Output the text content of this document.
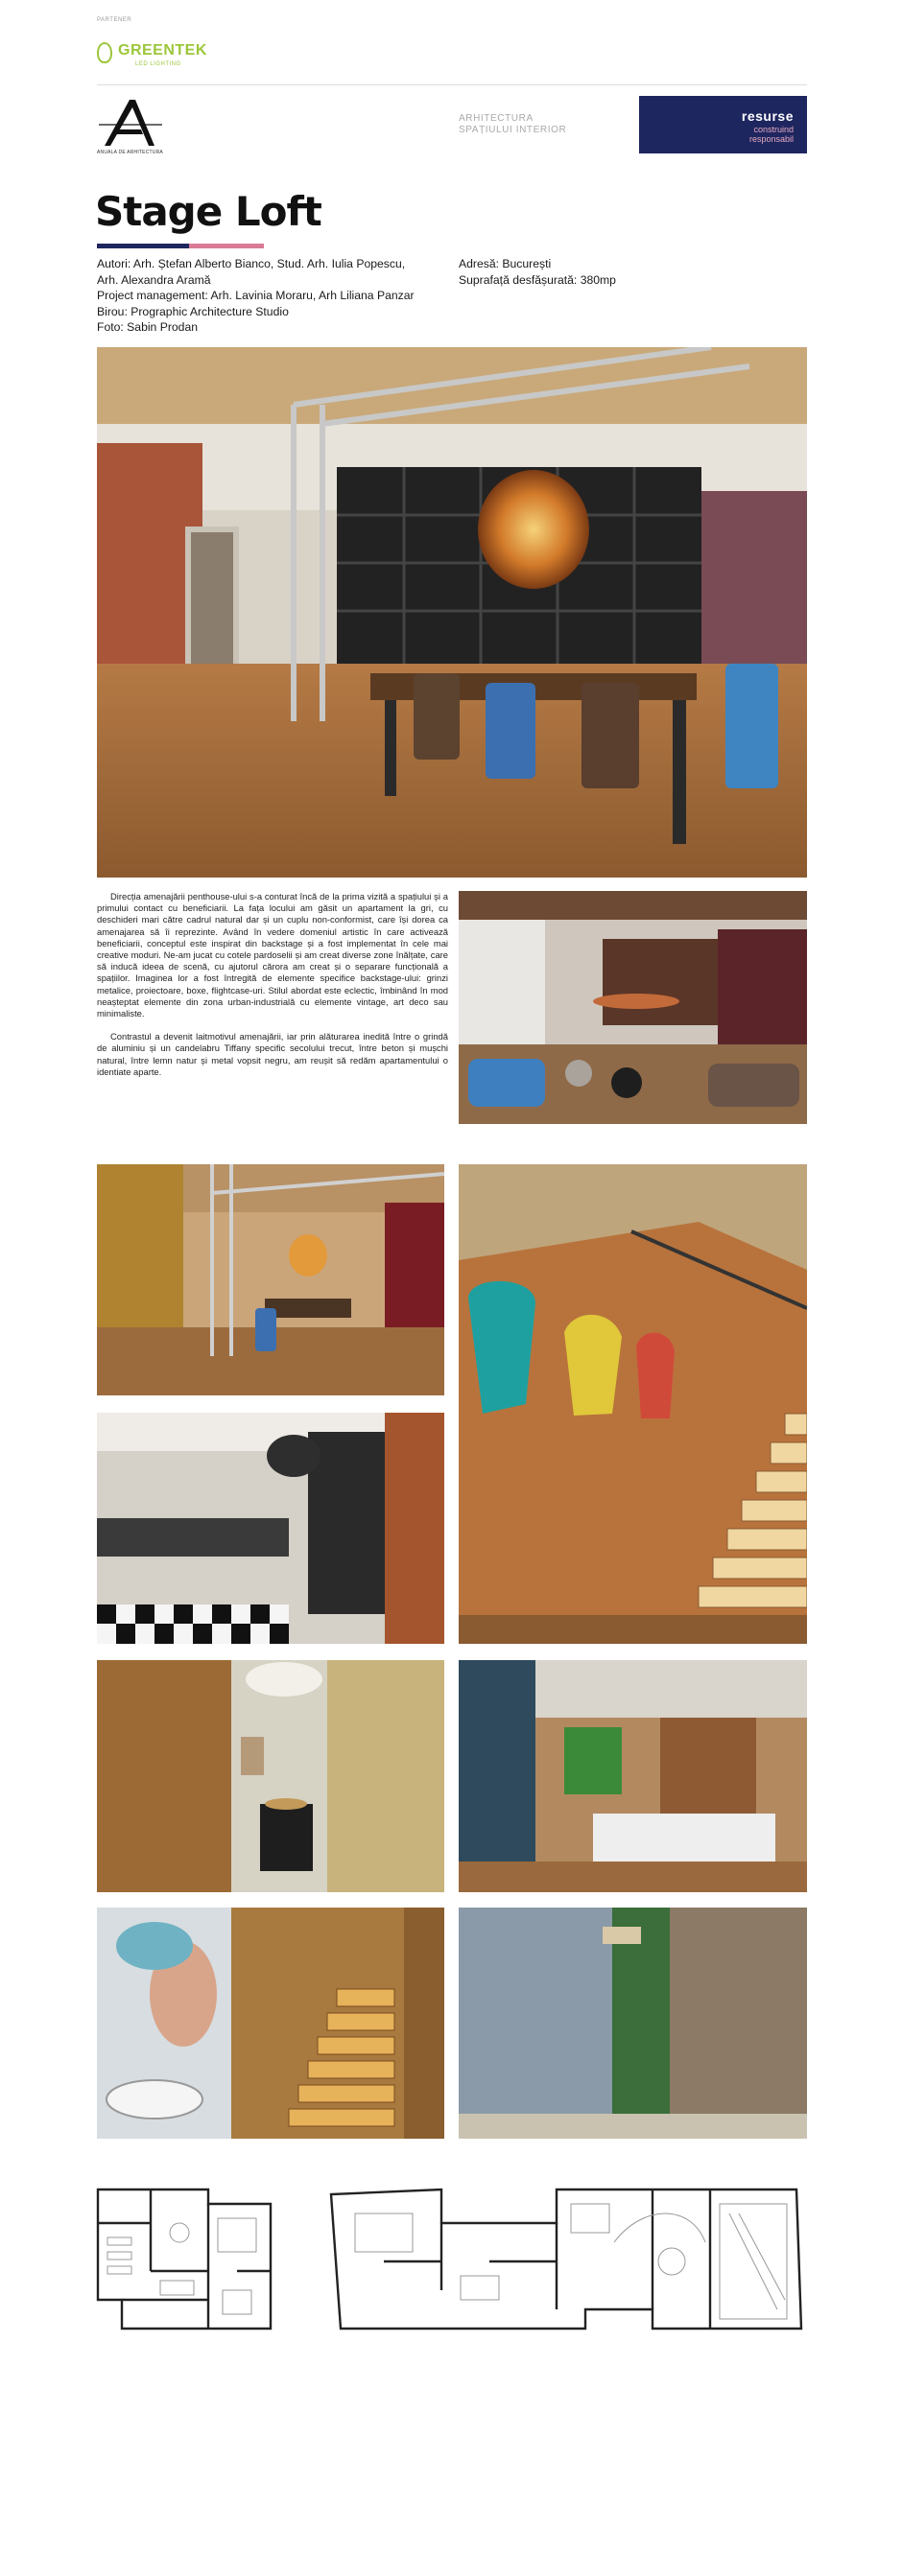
PARTENER
GREENTEK
LED LIGHTING
ANUALA DE ARHITECTURA
ARHITECTURA SPAȚIULUI INTERIOR
resurse
construind
responsabil
Stage Loft
Autori: Arh. Ștefan Alberto Bianco, Stud. Arh. Iulia Popescu,
Arh. Alexandra Aramă
Project management: Arh. Lavinia Moraru, Arh Liliana Panzar
Birou: Prographic Architecture Studio
Foto: Sabin Prodan
Adresă: București
Suprafață desfășurată: 380mp

Direcția amenajării penthouse-ului s-a conturat încă de la prima vizită a spațiului și a primului contact cu beneficiarii. La fața locului am găsit un apartament la gri, cu deschideri mari către cadrul natural dar și un cuplu non-conformist, care își dorea ca amenajarea să îi reprezinte. Având în vedere domeniul artistic în care activează beneficiarii, conceptul este inspirat din backstage și a fost implementat în cele mai creative moduri. Ne-am jucat cu cotele pardoselii și am creat diverse zone înălțate, care să inducă ideea de scenă, cu ajutorul cărora am creat și o separare funcțională a spațiilor. Imaginea lor a fost întregită de elemente specifice backstage-ului: grinzi metalice, proiectoare, boxe, flightcase-uri. Stilul abordat este eclectic, îmbinând în mod neașteptat elemente din zona urban-industrială cu elemente vintage, art deco sau minimaliste.

Contrastul a devenit laitmotivul amenajării, iar prin alăturarea inedită între o grindă de aluminiu și un candelabru Tiffany specific secolului trecut, între beton și mușchi natural, între lemn natur și metal vopsit negru, am reușit să redăm apartamentului o identiate aparte.
